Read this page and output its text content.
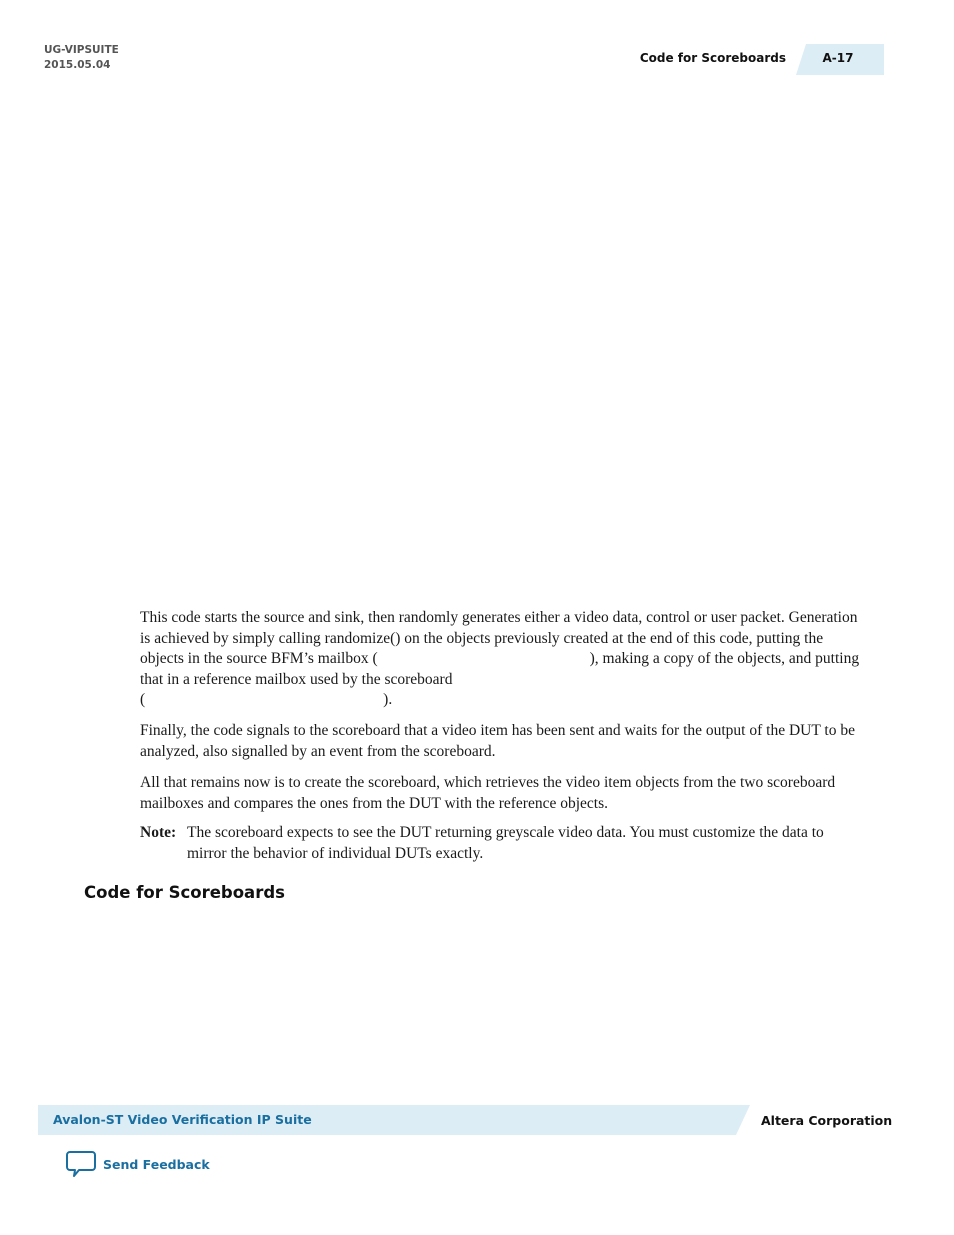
UG-VIPSUITE
2015.05.04	Code for Scoreboards	A-17

This code starts the source and sink, then randomly generates either a video data, control or user packet. Generation is achieved by simply calling randomize() on the objects previously created at the end of this code, putting the objects in the source BFM’s mailbox (	), making a copy of the objects, and putting that in a reference mailbox used by the scoreboard
(	).

Finally, the code signals to the scoreboard that a video item has been sent and waits for the output of the DUT to be analyzed, also signalled by an event from the scoreboard.

All that remains now is to create the scoreboard, which retrieves the video item objects from the two scoreboard mailboxes and compares the ones from the DUT with the reference objects.

Note: The scoreboard expects to see the DUT returning greyscale video data. You must customize the data to mirror the behavior of individual DUTs exactly.
Code for Scoreboards
Avalon-ST Video Verification IP Suite	Altera Corporation
Send Feedback
